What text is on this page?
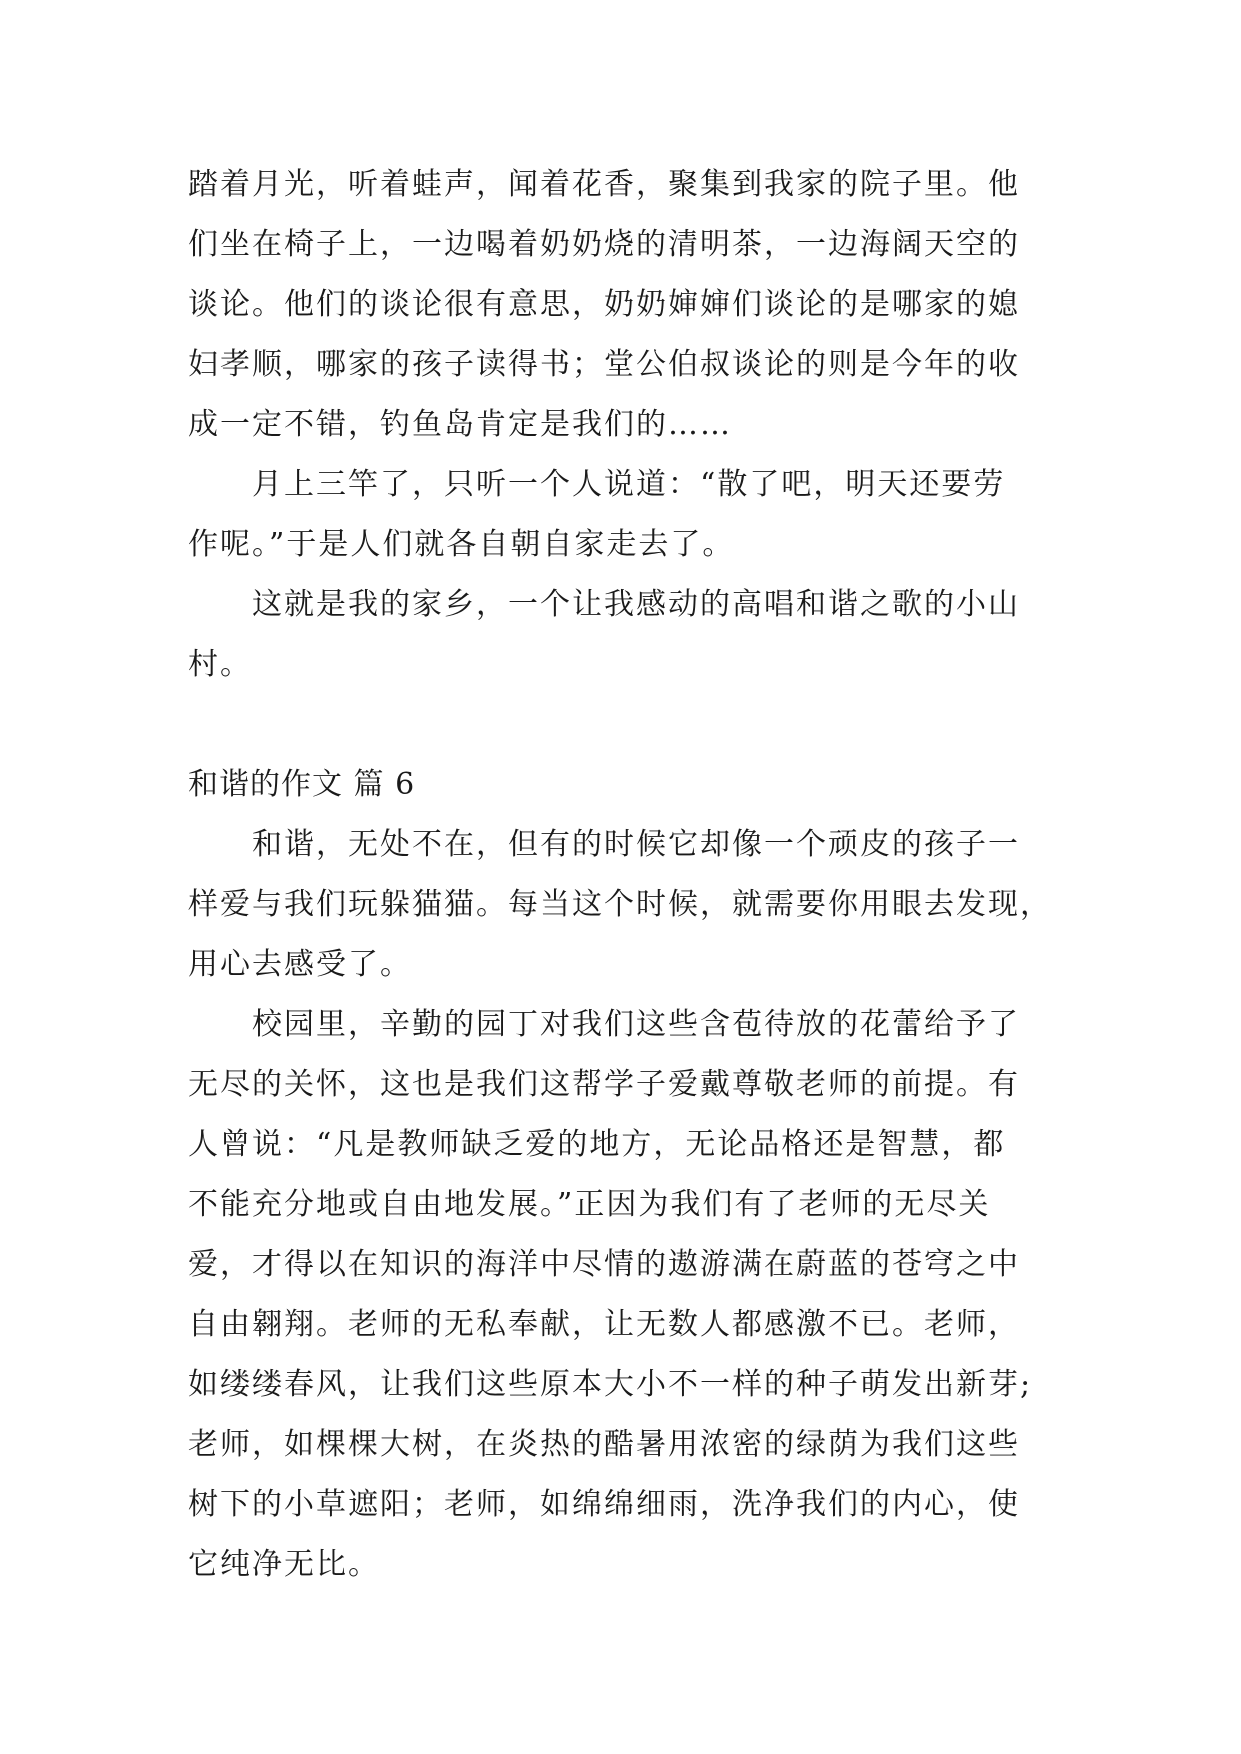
踏着月光，听着蛙声，闻着花香，聚集到我家的院子里。他

们坐在椅子上，一边喝着奶奶烧的清明茶，一边海阔天空的

谈论。他们的谈论很有意思，奶奶婶婶们谈论的是哪家的媳

妇孝顺，哪家的孩子读得书；堂公伯叔谈论的则是今年的收

成一定不错，钓鱼岛肯定是我们的……

月上三竿了，只听一个人说道：“散了吧，明天还要劳

作呢。”于是人们就各自朝自家走去了。

这就是我的家乡，一个让我感动的高唱和谐之歌的小山

村。

和谐的作文 篇 6

和谐，无处不在，但有的时候它却像一个顽皮的孩子一

样爱与我们玩躲猫猫。每当这个时候，就需要你用眼去发现，

用心去感受了。

校园里，辛勤的园丁对我们这些含苞待放的花蕾给予了

无尽的关怀，这也是我们这帮学子爱戴尊敬老师的前提。有

人曾说：“凡是教师缺乏爱的地方，无论品格还是智慧，都

不能充分地或自由地发展。”正因为我们有了老师的无尽关

爱，才得以在知识的海洋中尽情的遨游满在蔚蓝的苍穹之中

自由翱翔。老师的无私奉献，让无数人都感激不已。老师，

如缕缕春风，让我们这些原本大小不一样的种子萌发出新芽;

老师，如棵棵大树，在炎热的酷暑用浓密的绿荫为我们这些

树下的小草遮阳；老师，如绵绵细雨，洗净我们的内心，使

它纯净无比。
